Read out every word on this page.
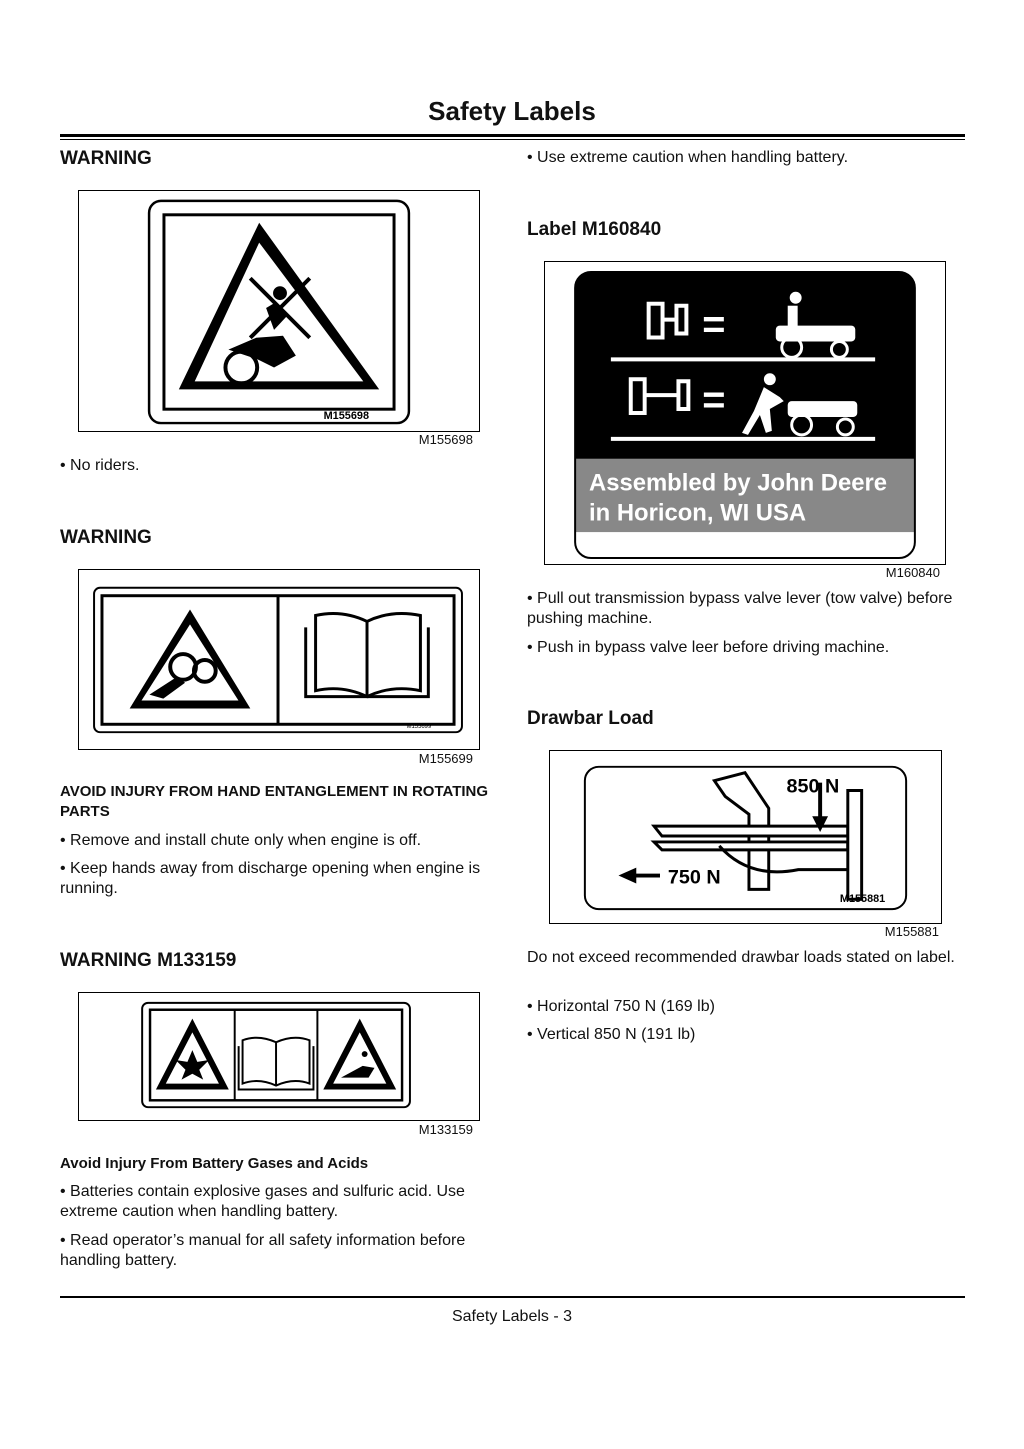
Safety Labels
WARNING
M155698
M155698
• No riders.
WARNING
M155699
M155699
AVOID INJURY FROM HAND ENTANGLEMENT IN ROTATING PARTS
• Remove and install chute only when engine is off.
• Keep hands away from discharge opening when engine is running.
WARNING M133159
M133159
Avoid Injury From Battery Gases and Acids
• Batteries contain explosive gases and sulfuric acid. Use extreme caution when handling battery.
• Read operator’s manual for all safety information before handling battery.
• Use extreme caution when handling battery.
Label M160840
=
=
Assembled by John Deere
in Horicon, WI USA
M160840
• Pull out transmission bypass valve lever (tow valve) before pushing machine.
• Push in bypass valve leer before driving machine.
Drawbar Load
850 N
750 N
M155881
M155881
Do not exceed recommended drawbar loads stated on label.
• Horizontal 750 N (169 lb)
• Vertical 850 N (191 lb)
Safety Labels - 3
